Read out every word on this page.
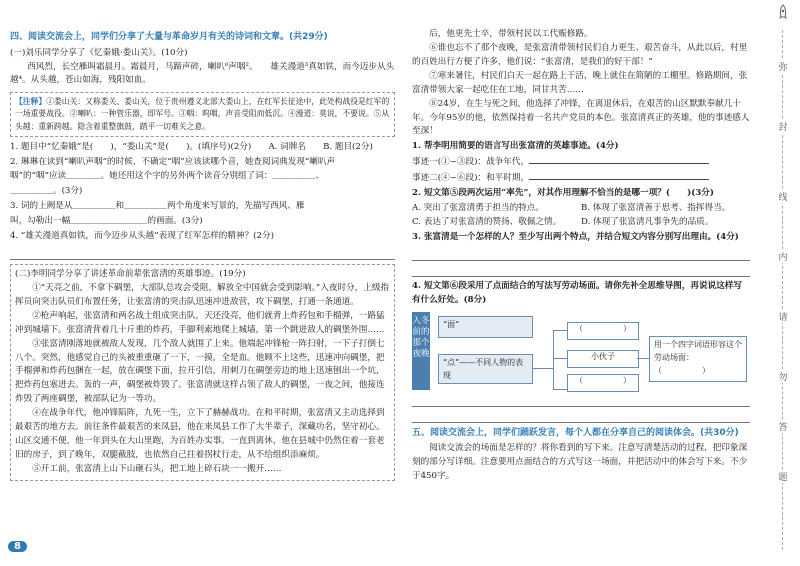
四、阅读交流会上，同学们分享了大量与革命岁月有关的诗词和文章。(共29分)

(一)刘乐同学分享了《忆秦娥·娄山关》。(10分)

西风烈，长空雁叫霜晨月。霜晨月，马蹄声碎，喇叭⁰声咽²。　　雄关漫道³真如铁，而今迈步从头越⁴。从头越，苍山如海，残阳如血。

【注释】①娄山关：又称娄关、娄山关，位于贵州遵义北部大娄山上，在红军长征途中，此处构战役是红军的一场重要战役。②喇叭：一种管乐器，即军号。③咽：呜咽，声音受阻而低沉。④漫道：莫说，不要说。⑤从头越：重新跨越。隐含着重整旗鼓，踏平一切难关之意。

1. 题目中“忆秦娥”是(　　)，“娄山关”是(　　)。(填序号)(2分)　　A. 词牌名　　B. 题目(2分)

2. 琳琳在读到“喇叭声咽”的时候，不确定“咽”应该读哪个音，她查阅词典发现“喇叭声

咽”的“咽”应读＿＿＿＿。她还用这个字的另外两个读音分别组了词：＿＿＿＿＿、

＿＿＿＿＿。(3分)

3. 词的上阙是从＿＿＿＿＿和＿＿＿＿＿两个角度来写景的，先描写西风、雁

叫，勾勒出一幅＿＿＿＿＿＿＿＿＿的画面。(3分)

4. “雄关漫道真如铁，而今迈步从头越”表现了红军怎样的精神？(2分)

(二)李明同学分享了讲述革命前辈张富清的英雄事迹。(19分)

①“天亮之前，不拿下碉堡，大部队总攻会受阻，解放全中国就会受到影响。”入夜时分，上级指挥员向突击队员们布置任务，让张富清的突击队迅速冲进敌营，攻下碉堡，打通一条通道。

②枪声响起，张富清和两名战士组成突击队，天还没亮，他们就背上炸药包和手榴弹，一路猛冲到城墙下。张富清背着几十斤重的炸药，手脚利索地爬上城墙，第一个跳进敌人的碉堡外围……

③张富清刚落地就被敌人发现，几个敌人就围了上来。他端起冲锋枪一阵扫射，一下子打倒七八个。突然，他感觉自己的头被重重砸了一下，一摸，全是血。他顾不上这些，迅速冲向碉堡，把手榴弹和炸药包捆在一起，放在碉堡下面，拉开引信，用刺刀在碉堡旁边的地上迅速刨出一个坑，把炸药包塞进去。轰的一声，碉堡被炸毁了。张富清就这样占领了敌人的碉堡，一夜之间，他接连炸毁了两座碉堡，被部队记为一等功。

④在战争年代，他冲锋陷阵，九死一生，立下了赫赫战功。在和平时期，张富清又主动选择到最艰苦的地方去。前往条件最艰苦的来凤县，他在来凤县工作了大半辈子，深藏功名，坚守初心。山区交通不便，他一年到头在大山里跑，为百姓办实事。一直到离休，他在县城中仍然住着一套老旧的房子，到了晚年，双腿截肢，也依然自己拄着拐杖行走，从不给组织添麻烦。

⑤开工前，张富清上山下山砸石头，把工地上碎石块一一搬开……

后，他更先士卒，带领村民以工代赈修路。

⑥谁也忘不了那个夜晚，是张富清带领村民们自力更生、艰苦奋斗，从此以后，村里的百姓出行方便了许多，他们说：“张富清，是我们的好干部！”

⑦寒来暑往，村民们白天一起在路上干活，晚上就住在简陋的工棚里。修路期间，张富清带领大家一起吃住在工地，同甘共苦……

⑧24岁，在生与死之间，他选择了冲锋，在离退休后，在艰苦的山区默默奉献几十年。今年95岁的他，依然保持着一名共产党员的本色。张富清真正的英雄，他的事迹感人至深！

1. 帮李明用简要的语言写出张富清的英雄事迹。(4分)

事迹一(①~③段)：战争年代，

事迹二(④~⑥段)：和平时期，

2. 短文第⑤段两次运用“率先”，对其作用理解不恰当的是哪一项？(　　)(3分)

A. 突出了张富清勇于担当的特点。	B. 体现了张富清善于思考、指挥得当。
C. 表达了对张富清的赞扬、敬佩之情。	D. 体现了张富清凡事争先的品质。

3. 张富清是一个怎样的人？至少写出两个特点，并结合短文内容分别写出理由。(4分)

4. 短文第⑥段采用了点面结合的写法写劳动场面。请你先补全思维导图，再说说这样写有什么好处。(8分)

入冬前的那个夜晚
“面”
“点”——不同人物的表现
（　　　　　）
小伙子
（　　　　　）
用一个四字词语形容这个劳动场面：
（　　　　　）
五、阅读交流会上，同学们踊跃发言，每个人都在分享自己的阅读体会。(共30分)

阅读交流会的场面是怎样的？将你看到的写下来。注意写清楚活动的过程，把印象深刻的部分写详细。注意要用点面结合的方式写这一场面，并把活动中的体会写下来。不少于450字。

弥
封
线
内
请
勿
答
题
8
